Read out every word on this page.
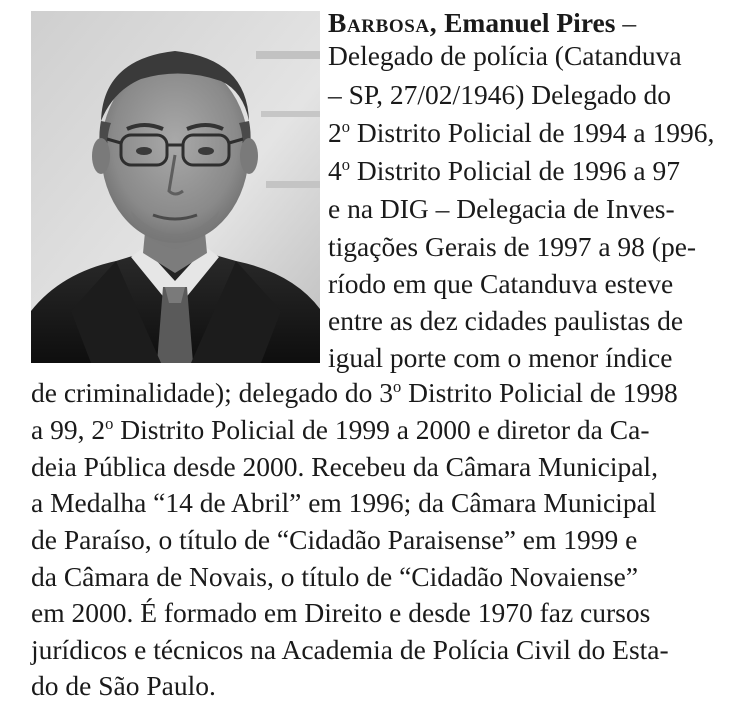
Barbosa, Emanuel Pires –
Delegado de polícia (Catanduva
– SP, 27/02/1946) Delegado do
2$^o$ Distrito Policial de 1994 a 1996,
4$^o$ Distrito Policial de 1996 a 97
e na DIG – Delegacia de Inves-
tigações Gerais de 1997 a 98 (pe-
ríodo em que Catanduva esteve
entre as dez cidades paulistas de
igual porte com o menor índice
de criminalidade); delegado do 3$^o$ Distrito Policial de 1998
a 99, 2$^o$ Distrito Policial de 1999 a 2000 e diretor da Ca-
deia Pública desde 2000. Recebeu da Câmara Municipal,
a Medalha “14 de Abril” em 1996; da Câmara Municipal
de Paraíso, o título de “Cidadão Paraisense” em 1999 e
da Câmara de Novais, o título de “Cidadão Novaiense”
em 2000. É formado em Direito e desde 1970 faz cursos
jurídicos e técnicos na Academia de Polícia Civil do Esta-
do de São Paulo.
